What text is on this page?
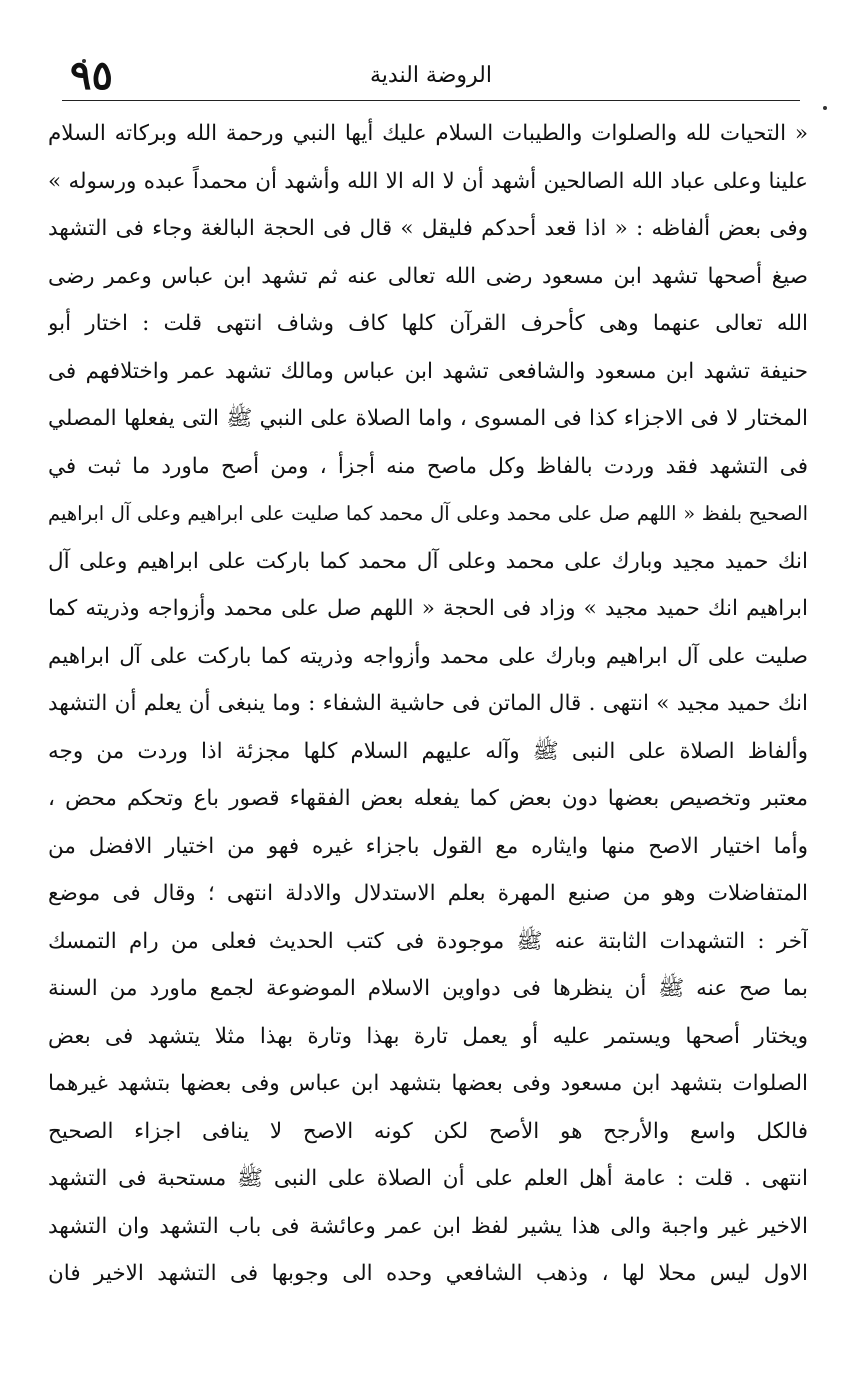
٩٥	الروضة الندية
« التحيات لله والصلوات والطيبات السلام عليك أيها النبي ورحمة الله وبركاته السلام
علينا وعلى عباد الله الصالحين أشهد أن لا اله الا الله وأشهد أن محمداً عبده ورسوله »
وفى بعض ألفاظه : « اذا قعد أحدكم فليقل » قال فى الحجة البالغة وجاء فى التشهد
صيغ أصحها تشهد ابن مسعود رضى الله تعالى عنه ثم تشهد ابن عباس وعمر رضى
الله تعالى عنهما وهى كأحرف القرآن كلها كاف وشاف انتهى قلت : اختار أبو
حنيفة تشهد ابن مسعود والشافعى تشهد ابن عباس ومالك تشهد عمر واختلافهم فى
المختار لا فى الاجزاء كذا فى المسوى ، واما الصلاة على النبي ﷺ التى يفعلها المصلي
فى التشهد فقد وردت بالفاظ وكل ماصح منه أجزأ ، ومن أصح ماورد ما ثبت في
الصحيح بلفظ « اللهم صل على محمد وعلى آل محمد كما صليت على ابراهيم وعلى آل ابراهيم
انك حميد مجيد وبارك على محمد وعلى آل محمد كما باركت على ابراهيم وعلى آل
ابراهيم انك حميد مجيد » وزاد فى الحجة « اللهم صل على محمد وأزواجه وذريته كما
صليت على آل ابراهيم وبارك على محمد وأزواجه وذريته كما باركت على آل ابراهيم
انك حميد مجيد » انتهى . قال الماتن فى حاشية الشفاء : وما ينبغى أن يعلم أن التشهد
وألفاظ الصلاة على النبى ﷺ وآله عليهم السلام كلها مجزئة اذا وردت من وجه
معتبر وتخصيص بعضها دون بعض كما يفعله بعض الفقهاء قصور باع وتحكم محض ،
وأما اختيار الاصح منها وايثاره مع القول باجزاء غيره فهو من اختيار الافضل من
المتفاضلات وهو من صنيع المهرة بعلم الاستدلال والادلة انتهى ؛ وقال فى موضع
آخر : التشهدات الثابتة عنه ﷺ موجودة فى كتب الحديث فعلى من رام التمسك
بما صح عنه ﷺ أن ينظرها فى دواوين الاسلام الموضوعة لجمع ماورد من السنة
ويختار أصحها ويستمر عليه أو يعمل تارة بهذا وتارة بهذا مثلا يتشهد فى بعض
الصلوات بتشهد ابن مسعود وفى بعضها بتشهد ابن عباس وفى بعضها بتشهد غيرهما
فالكل واسع والأرجح هو الأصح لكن كونه الاصح لا ينافى اجزاء الصحيح
انتهى . قلت : عامة أهل العلم على أن الصلاة على النبى ﷺ مستحبة فى التشهد
الاخير غير واجبة والى هذا يشير لفظ ابن عمر وعائشة فى باب التشهد وان التشهد
الاول ليس محلا لها ، وذهب الشافعي وحده الى وجوبها فى التشهد الاخير فان
